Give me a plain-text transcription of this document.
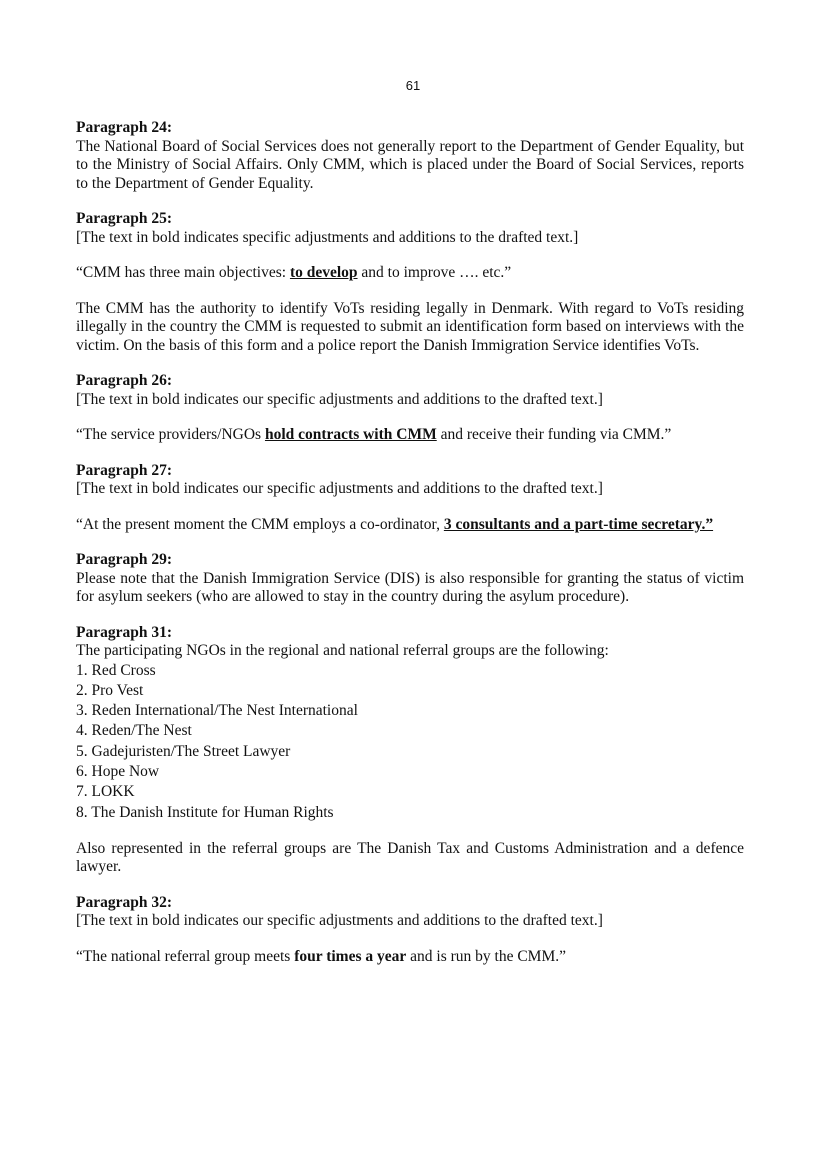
61

Paragraph 24:

The National Board of Social Services does not generally report to the Department of Gender Equality, but to the Ministry of Social Affairs. Only CMM, which is placed under the Board of Social Services, reports to the Department of Gender Equality.

Paragraph 25:

[The text in bold indicates specific adjustments and additions to the drafted text.]

“CMM has three main objectives: to develop and to improve …. etc.”

The CMM has the authority to identify VoTs residing legally in Denmark. With regard to VoTs residing illegally in the country the CMM is requested to submit an identification form based on interviews with the victim. On the basis of this form and a police report the Danish Immigration Service identifies VoTs.

Paragraph 26:

[The text in bold indicates our specific adjustments and additions to the drafted text.]

“The service providers/NGOs hold contracts with CMM and receive their funding via CMM.”

Paragraph 27:

[The text in bold indicates our specific adjustments and additions to the drafted text.]

“At the present moment the CMM employs a co-ordinator, 3 consultants and a part-time secretary.”

Paragraph 29:

Please note that the Danish Immigration Service (DIS) is also responsible for granting the status of victim for asylum seekers (who are allowed to stay in the country during the asylum procedure).

Paragraph 31:

The participating NGOs in the regional and national referral groups are the following:

1. Red Cross
2. Pro Vest
3. Reden International/The Nest International
4. Reden/The Nest
5. Gadejuristen/The Street Lawyer
6. Hope Now
7. LOKK
8. The Danish Institute for Human Rights

Also represented in the referral groups are The Danish Tax and Customs Administration and a defence lawyer.

Paragraph 32:

[The text in bold indicates our specific adjustments and additions to the drafted text.]

“The national referral group meets four times a year and is run by the CMM.”
